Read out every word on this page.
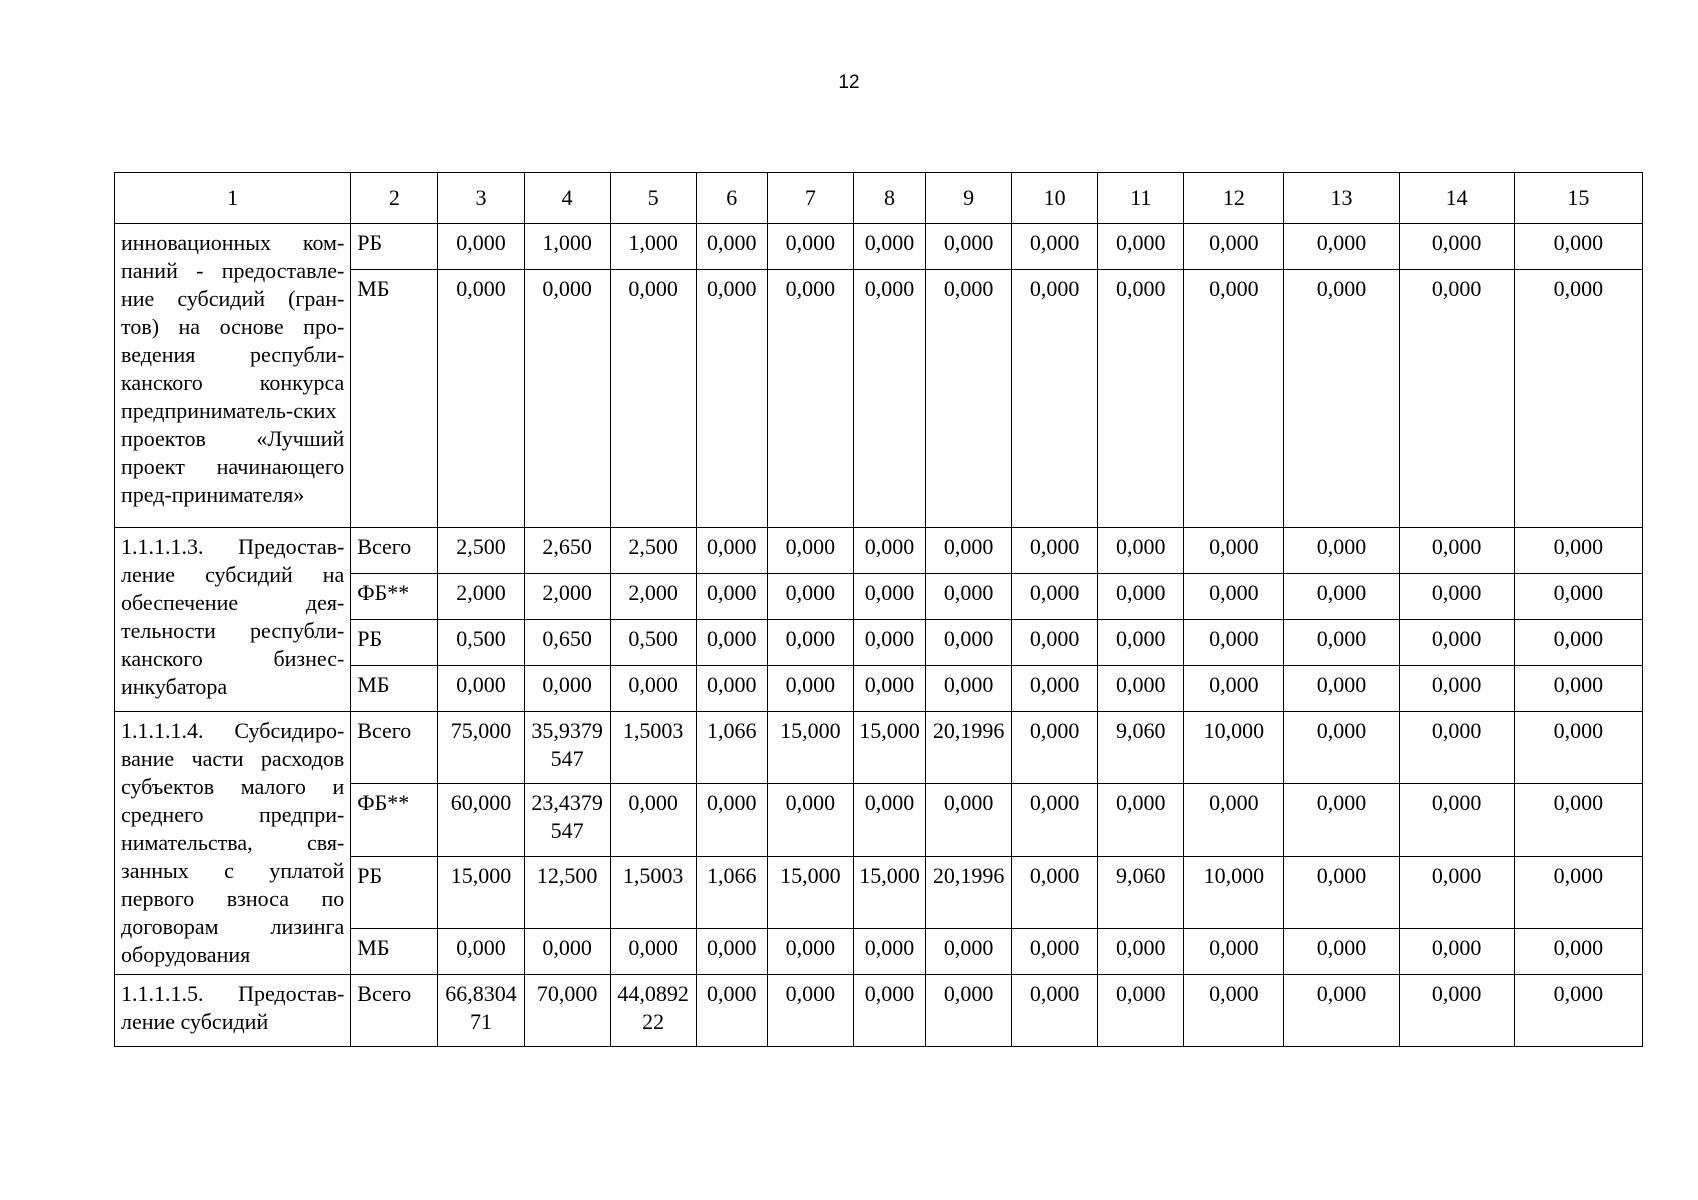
12
1	2	3	4	5	6	7	8	9	10	11	12	13	14	15
инновационных ком-паний - предоставле-ние субсидий (гран-тов) на основе про-ведения республи-канского конкурса предприниматель-ских проектов «Лучший проект начинающего пред-принимателя»	РБ	0,000	1,000	1,000	0,000	0,000	0,000	0,000	0,000	0,000	0,000	0,000	0,000	0,000
	МБ	0,000	0,000	0,000	0,000	0,000	0,000	0,000	0,000	0,000	0,000	0,000	0,000	0,000
1.1.1.1.3. Предостав-ление субсидий на обеспечение дея-тельности республи-канского бизнес-инкубатора	Всего	2,500	2,650	2,500	0,000	0,000	0,000	0,000	0,000	0,000	0,000	0,000	0,000	0,000
	ФБ**	2,000	2,000	2,000	0,000	0,000	0,000	0,000	0,000	0,000	0,000	0,000	0,000	0,000
	РБ	0,500	0,650	0,500	0,000	0,000	0,000	0,000	0,000	0,000	0,000	0,000	0,000	0,000
	МБ	0,000	0,000	0,000	0,000	0,000	0,000	0,000	0,000	0,000	0,000	0,000	0,000	0,000
1.1.1.1.4. Субсидиро-вание части расходов субъектов малого и среднего предпри-нимательства, свя-занных с уплатой первого взноса по договорам лизинга оборудования	Всего	75,000	35,9379547	1,5003	1,066	15,000	15,000	20,1996	0,000	9,060	10,000	0,000	0,000	0,000
	ФБ**	60,000	23,4379547	0,000	0,000	0,000	0,000	0,000	0,000	0,000	0,000	0,000	0,000	0,000
	РБ	15,000	12,500	1,5003	1,066	15,000	15,000	20,1996	0,000	9,060	10,000	0,000	0,000	0,000
	МБ	0,000	0,000	0,000	0,000	0,000	0,000	0,000	0,000	0,000	0,000	0,000	0,000	0,000
1.1.1.1.5. Предостав-ление субсидий	Всего	66,830471	70,000	44,089222	0,000	0,000	0,000	0,000	0,000	0,000	0,000	0,000	0,000	0,000
